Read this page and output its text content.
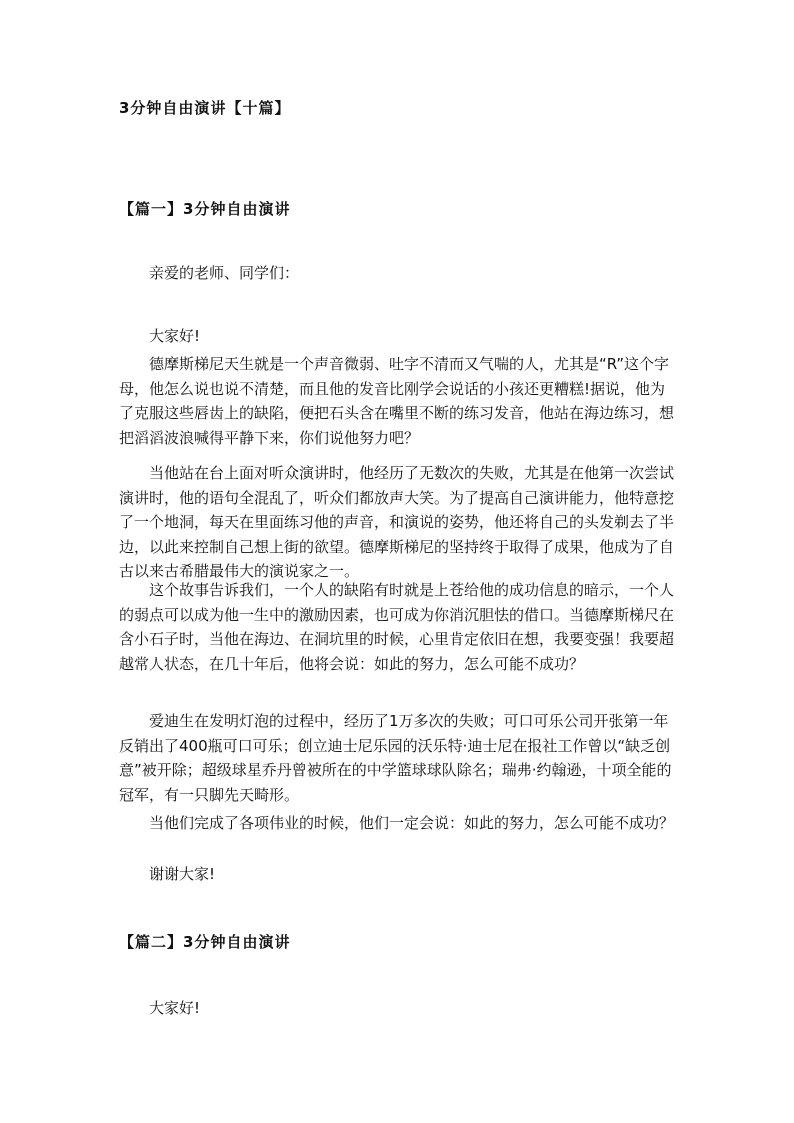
3分钟自由演讲【十篇】
【篇一】3分钟自由演讲
亲爱的老师、同学们：
大家好!

德摩斯梯尼天生就是一个声音微弱、吐字不清而又气喘的人，尤其是“R”这个字母，他怎么说也说不清楚，而且他的发音比刚学会说话的小孩还更糟糕!据说，他为了克服这些唇齿上的缺陷，便把石头含在嘴里不断的练习发音，他站在海边练习，想把滔滔波浪喊得平静下来，你们说他努力吧？

当他站在台上面对听众演讲时，他经历了无数次的失败，尤其是在他第一次尝试演讲时，他的语句全混乱了，听众们都放声大笑。为了提高自己演讲能力，他特意挖了一个地洞，每天在里面练习他的声音，和演说的姿势，他还将自己的头发剃去了半边，以此来控制自己想上街的欲望。德摩斯梯尼的坚持终于取得了成果，他成为了自古以来古希腊最伟大的演说家之一。

这个故事告诉我们，一个人的缺陷有时就是上苍给他的成功信息的暗示，一个人的弱点可以成为他一生中的激励因素，也可成为你消沉胆怯的借口。当德摩斯梯尺在含小石子时，当他在海边、在洞坑里的时候，心里肯定依旧在想，我要变强！我要超越常人状态，在几十年后，他将会说：如此的努力，怎么可能不成功？

爱迪生在发明灯泡的过程中，经历了1万多次的失败；可口可乐公司开张第一年反销出了400瓶可口可乐；创立迪士尼乐园的沃乐特·迪士尼在报社工作曾以“缺乏创意”被开除；超级球星乔丹曾被所在的中学篮球球队除名；瑞弗·约翰逊，十项全能的冠军，有一只脚先天畸形。

当他们完成了各项伟业的时候，他们一定会说：如此的努力，怎么可能不成功？

谢谢大家!
【篇二】3分钟自由演讲
大家好!
